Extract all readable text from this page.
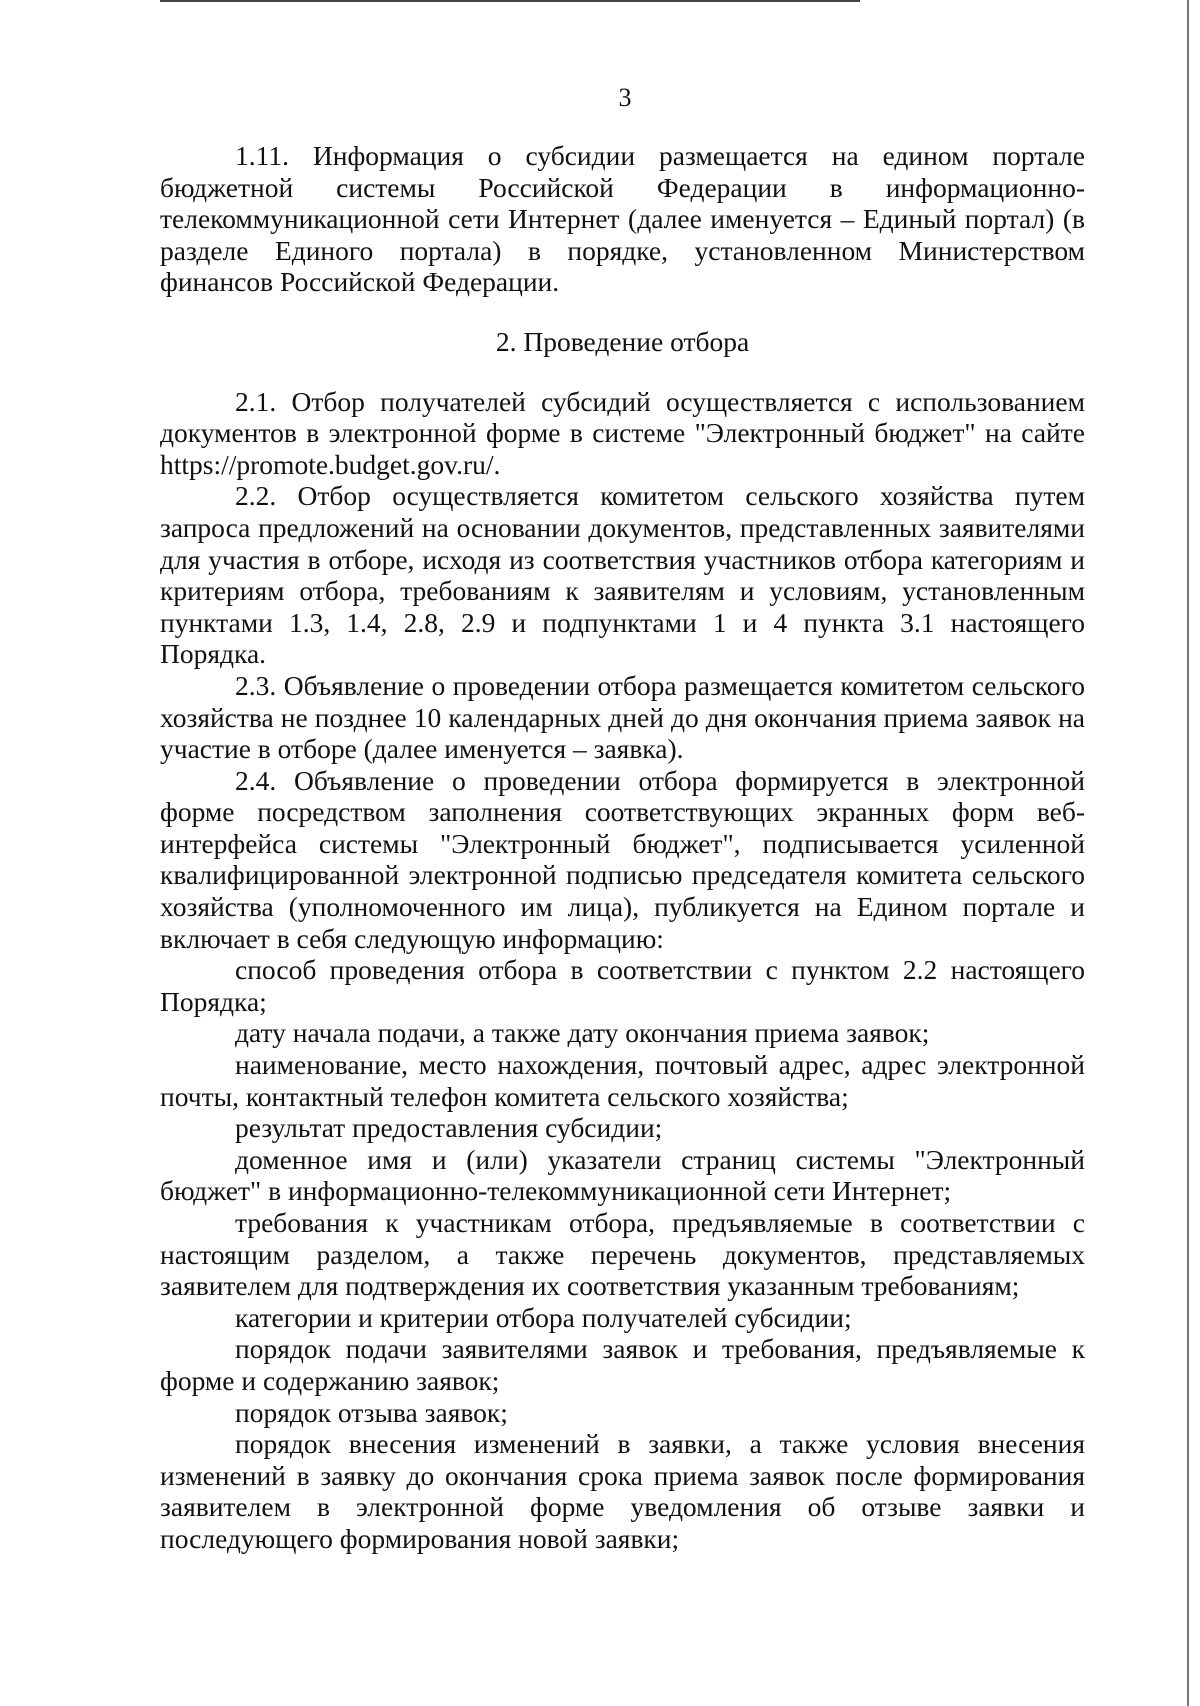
3

1.11. Информация о субсидии размещается на едином портале бюджетной системы Российской Федерации в информационно-телекоммуникационной сети Интернет (далее именуется – Единый портал) (в разделе Единого портала) в порядке, установленном Министерством финансов Российской Федерации.

2. Проведение отбора

2.1. Отбор получателей субсидий осуществляется с использованием документов в электронной форме в системе "Электронный бюджет" на сайте https://promote.budget.gov.ru/.

2.2. Отбор осуществляется комитетом сельского хозяйства путем запроса предложений на основании документов, представленных заявителями для участия в отборе, исходя из соответствия участников отбора категориям и критериям отбора, требованиям к заявителям и условиям, установленным пунктами 1.3, 1.4, 2.8, 2.9 и подпунктами 1 и 4 пункта 3.1 настоящего Порядка.

2.3. Объявление о проведении отбора размещается комитетом сельского хозяйства не позднее 10 календарных дней до дня окончания приема заявок на участие в отборе (далее именуется – заявка).

2.4. Объявление о проведении отбора формируется в электронной форме посредством заполнения соответствующих экранных форм веб-интерфейса системы "Электронный бюджет", подписывается усиленной квалифицированной электронной подписью председателя комитета сельского хозяйства (уполномоченного им лица), публикуется на Едином портале и включает в себя следующую информацию:

способ проведения отбора в соответствии с пунктом 2.2 настоящего Порядка;

дату начала подачи, а также дату окончания приема заявок;

наименование, место нахождения, почтовый адрес, адрес электронной почты, контактный телефон комитета сельского хозяйства;

результат предоставления субсидии;

доменное имя и (или) указатели страниц системы "Электронный бюджет" в информационно-телекоммуникационной сети Интернет;

требования к участникам отбора, предъявляемые в соответствии с настоящим разделом, а также перечень документов, представляемых заявителем для подтверждения их соответствия указанным требованиям;

категории и критерии отбора получателей субсидии;

порядок подачи заявителями заявок и требования, предъявляемые к форме и содержанию заявок;

порядок отзыва заявок;

порядок внесения изменений в заявки, а также условия внесения изменений в заявку до окончания срока приема заявок после формирования заявителем в электронной форме уведомления об отзыве заявки и последующего формирования новой заявки;
